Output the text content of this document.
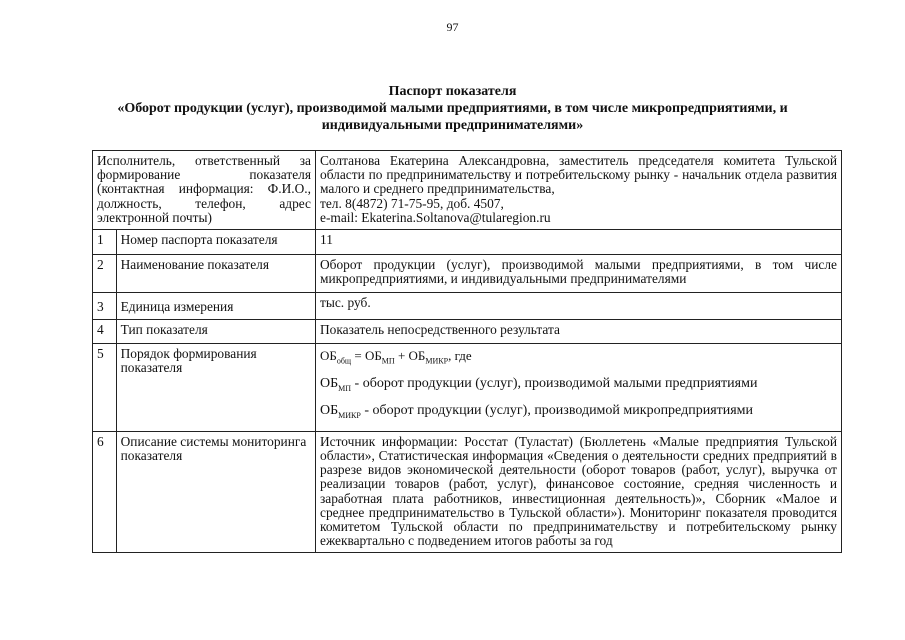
97
Паспорт показателя
«Оборот продукции (услуг), производимой малыми предприятиями, в том числе микропредприятиями, и
индивидуальными предпринимателями»
Исполнитель, ответственный за формирование показателя (контактная информация: Ф.И.О., должность, телефон, адрес электронной почты)		Солтанова Екатерина Александровна, заместитель председателя комитета Тульской области по предпринимательству и потребительскому рынку - начальник отдела развития малого и среднего предпринимательства,
тел. 8(4872) 71-75-95, доб. 4507,
e-mail: Ekaterina.Soltanova@tularegion.ru

1	Номер паспорта показателя	11
2	Наименование показателя	Оборот продукции (услуг), производимой малыми предприятиями, в том числе микропредприятиями, и индивидуальными предпринимателями
3	Единица измерения	тыс. руб.
4	Тип показателя	Показатель непосредственного результата
5	Порядок формирования показателя	$ОБ_{общ} = ОБ_{МП} + ОБ_{МИКР}$, где
$ОБ_{МП}$ - оборот продукции (услуг), производимой малыми предприятиями
$ОБ_{МИКР}$ - оборот продукции (услуг), производимой микропредприятиями

6	Описание системы мониторинга показателя	Источник информации: Росстат (Туластат) (Бюллетень «Малые предприятия Тульской области», Статистическая информация «Сведения о деятельности средних предприятий в разрезе видов экономической деятельности (оборот товаров (работ, услуг), выручка от реализации товаров (работ, услуг), финансовое состояние, средняя численность и заработная плата работников, инвестиционная деятельность)», Сборник «Малое и среднее предпринимательство в Тульской области»). Мониторинг показателя проводится комитетом Тульской области по предпринимательству и потребительскому рынку ежеквартально с подведением итогов работы за год
